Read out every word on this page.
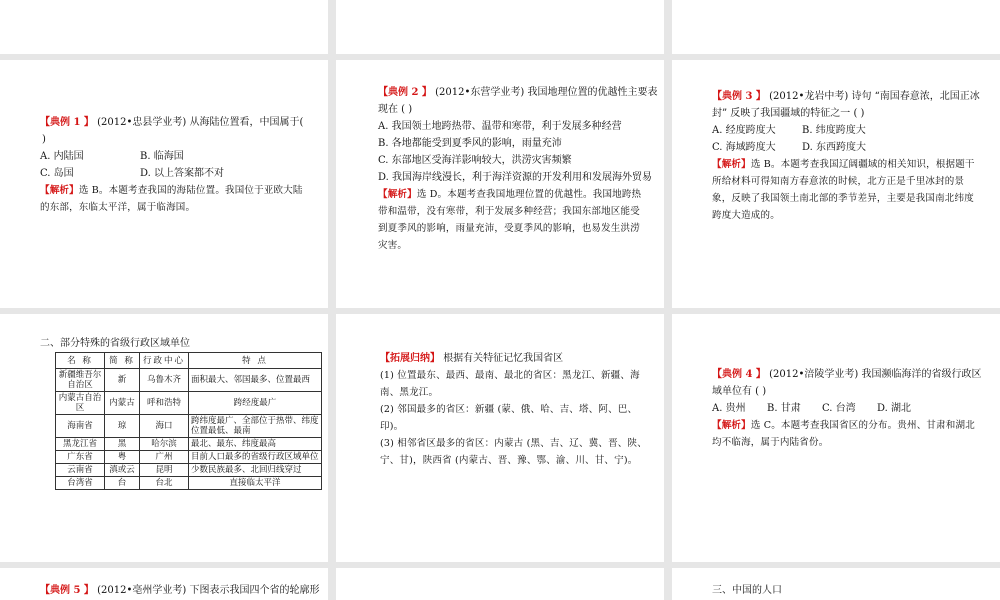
【典例 1 】 (2012•忠县学业考) 从海陆位置看，中国属于(

)

A. 内陆国	B. 临海国
C. 岛国	D. 以上答案都不对

【解析】选 B。本题考查我国的海陆位置。我国位于亚欧大陆

的东部，东临太平洋，属于临海国。

【典例 2 】 (2012•东营学业考) 我国地理位置的优越性主要表

现在 ( )

A. 我国领土地跨热带、温带和寒带，利于发展多种经营

B. 各地都能受到夏季风的影响，雨量充沛

C. 东部地区受海洋影响较大，洪涝灾害频繁

D. 我国海岸线漫长，利于海洋资源的开发利用和发展海外贸易

【解析】选 D。本题考查我国地理位置的优越性。我国地跨热

带和温带，没有寒带，利于发展多种经营；我国东部地区能受

到夏季风的影响，雨量充沛，受夏季风的影响，也易发生洪涝

灾害。

【典例 3 】 (2012•龙岩中考) 诗句 “南国春意浓，北国正冰

封” 反映了我国疆域的特征之一 ( )

A. 经度跨度大	B. 纬度跨度大
C. 海域跨度大	D. 东西跨度大

【解析】选 B。本题考查我国辽阔疆域的相关知识，根据题干

所给材料可得知南方春意浓的时候，北方正是千里冰封的景

象，反映了我国领土南北部的季节差异，主要是我国南北纬度

跨度大造成的。

二、部分特殊的省级行政区域单位
名 称	简 称	行政中心	特 点
新疆维吾尔自治区	新	乌鲁木齐	面积最大、邻国最多、位置最西
内蒙古自治区	内蒙古	呼和浩特	跨经度最广
海南省	琼	海口	跨纬度最广、全部位于热带、纬度位置最低、最南
黑龙江省	黑	哈尔滨	最北、最东、纬度最高
广东省	粤	广州	目前人口最多的省级行政区域单位
云南省	滇或云	昆明	少数民族最多、北回归线穿过
台湾省	台	台北	直接临太平洋

【拓展归纳】 根据有关特征记忆我国省区

(1) 位置最东、最西、最南、最北的省区：黑龙江、新疆、海

南、黑龙江。

(2) 邻国最多的省区：新疆 (蒙、俄、哈、吉、塔、阿、巴、

印)。

(3) 相邻省区最多的省区：内蒙古 (黑、吉、辽、冀、晋、陕、

宁、甘)，陕西省 (内蒙古、晋、豫、鄂、渝、川、甘、宁)。

【典例 4 】 (2012•涪陵学业考) 我国濒临海洋的省级行政区

域单位有 ( )

A. 贵州	B. 甘肃	C. 台湾	D. 湖北

【解析】选 C。本题考查我国省区的分布。贵州、甘肃和湖北

均不临海，属于内陆省份。

【典例 5 】 (2012•亳州学业考) 下图表示我国四个省的轮廓形	三、中国的人口
